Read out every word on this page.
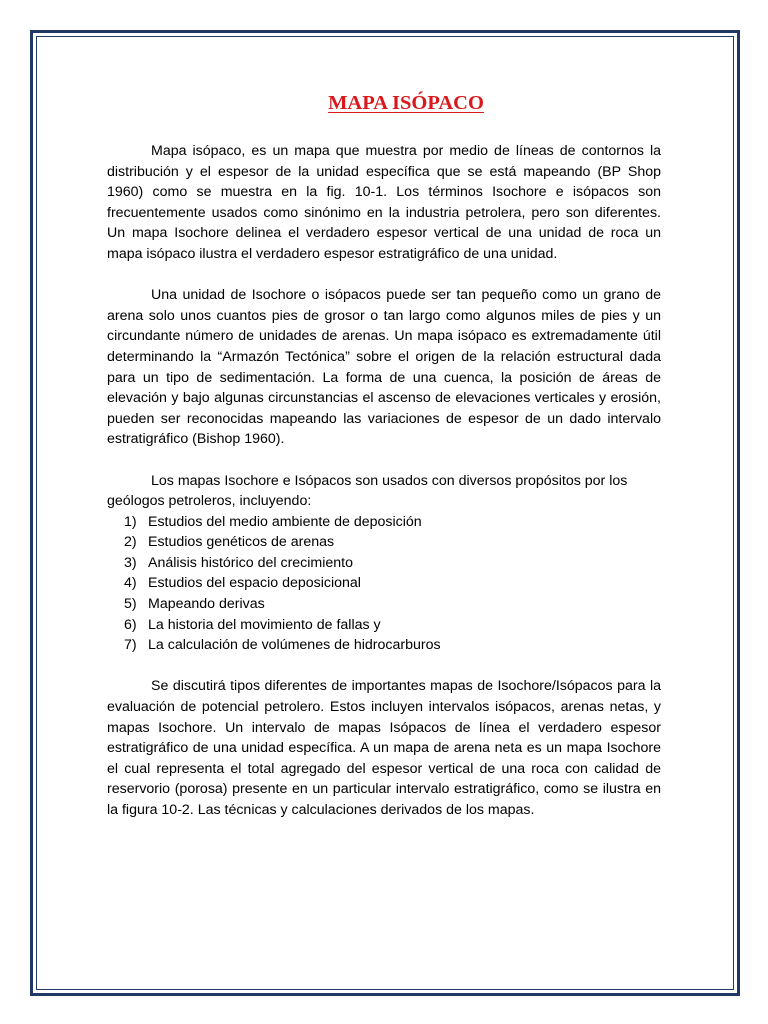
MAPA ISÓPACO

Mapa isópaco, es un mapa que muestra por medio de líneas de contornos la distribución y el espesor de la unidad específica que se está mapeando (BP Shop 1960) como se muestra en la fig. 10-1. Los términos Isochore e isópacos son frecuentemente usados como sinónimo en la industria petrolera, pero son diferentes. Un mapa Isochore delinea el verdadero espesor vertical de una unidad de roca un mapa isópaco ilustra el verdadero espesor estratigráfico de una unidad.

Una unidad de Isochore o isópacos puede ser tan pequeño como un grano de arena solo unos cuantos pies de grosor o tan largo como algunos miles de pies y un circundante número de unidades de arenas. Un mapa isópaco es extremadamente útil determinando la “Armazón Tectónica” sobre el origen de la relación estructural dada para un tipo de sedimentación. La forma de una cuenca, la posición de áreas de elevación y bajo algunas circunstancias el ascenso de elevaciones verticales y erosión, pueden ser reconocidas mapeando las variaciones de espesor de un dado intervalo estratigráfico (Bishop 1960).

Los mapas Isochore e Isópacos son usados con diversos propósitos por los geólogos petroleros, incluyendo:

1) Estudios del medio ambiente de deposición
2) Estudios genéticos de arenas
3) Análisis histórico del crecimiento
4) Estudios del espacio deposicional
5) Mapeando derivas
6) La historia del movimiento de fallas y
7) La calculación de volúmenes de hidrocarburos

Se discutirá tipos diferentes de importantes mapas de Isochore/Isópacos para la evaluación de potencial petrolero. Estos incluyen intervalos isópacos, arenas netas, y mapas Isochore. Un intervalo de mapas Isópacos de línea el verdadero espesor estratigráfico de una unidad específica. A un mapa de arena neta es un mapa Isochore el cual representa el total agregado del espesor vertical de una roca con calidad de reservorio (porosa) presente en un particular intervalo estratigráfico, como se ilustra en la figura 10-2. Las técnicas y calculaciones derivados de los mapas.
